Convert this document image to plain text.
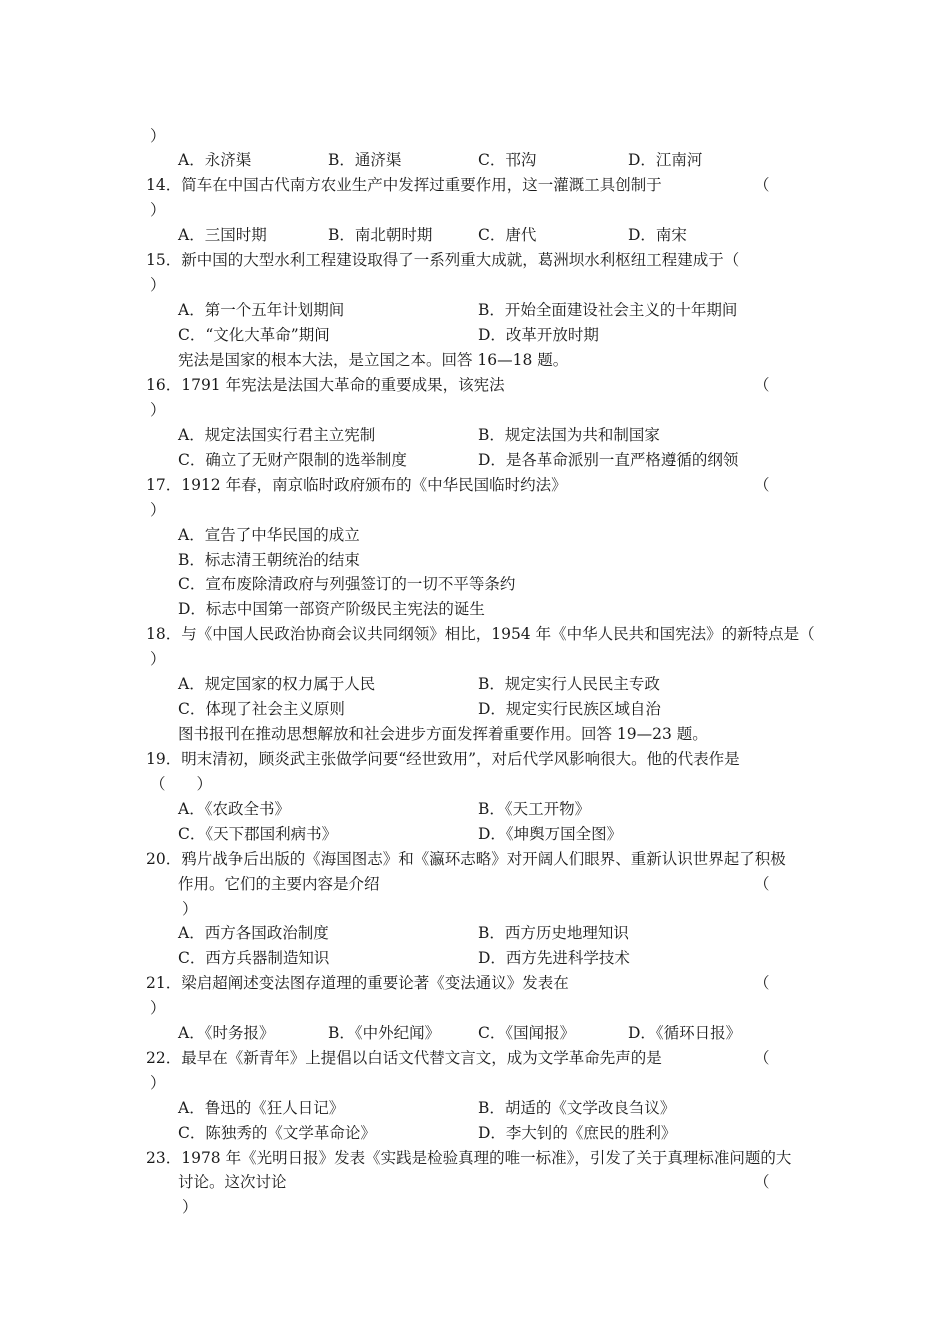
）
A．永济渠	B．通济渠	C．邗沟	D．江南河
14．简车在中国古代南方农业生产中发挥过重要作用，这一灌溉工具创制于	（
）
A．三国时期	B．南北朝时期	C．唐代	D．南宋
15．新中国的大型水利工程建设取得了一系列重大成就，葛洲坝水利枢纽工程建成于（
）
A．第一个五年计划期间	B．开始全面建设社会主义的十年期间
C．“文化大革命”期间	D．改革开放时期
宪法是国家的根本大法，是立国之本。回答 16—18 题。
16．1791 年宪法是法国大革命的重要成果，该宪法	（
）
A．规定法国实行君主立宪制	B．规定法国为共和制国家
C．确立了无财产限制的选举制度	D．是各革命派别一直严格遵循的纲领
17．1912 年春，南京临时政府颁布的《中华民国临时约法》	（
）
A．宣告了中华民国的成立
B．标志清王朝统治的结束
C．宣布废除清政府与列强签订的一切不平等条约
D．标志中国第一部资产阶级民主宪法的诞生
18．与《中国人民政治协商会议共同纲领》相比，1954 年《中华人民共和国宪法》的新特点是（
）
A．规定国家的权力属于人民	B．规定实行人民民主专政
C．体现了社会主义原则	D．规定实行民族区域自治
图书报刊在推动思想解放和社会进步方面发挥着重要作用。回答 19—23 题。
19．明末清初，顾炎武主张做学问要“经世致用”，对后代学风影响很大。他的代表作是
（　　）
A．《农政全书》	B．《天工开物》
C．《天下郡国利病书》	D．《坤舆万国全图》
20．鸦片战争后出版的《海国图志》和《瀛环志略》对开阔人们眼界、重新认识世界起了积极
作用。它们的主要内容是介绍	（
）
A．西方各国政治制度	B．西方历史地理知识
C．西方兵器制造知识	D．西方先进科学技术
21．梁启超阐述变法图存道理的重要论著《变法通议》发表在	（
）
A．《时务报》	B．《中外纪闻》 C．《国闻报》	D．《循环日报》
22．最早在《新青年》上提倡以白话文代替文言文，成为文学革命先声的是	（
）
A．鲁迅的《狂人日记》	B．胡适的《文学改良刍议》
C．陈独秀的《文学革命论》	D．李大钊的《庶民的胜利》
23．1978 年《光明日报》发表《实践是检验真理的唯一标准》，引发了关于真理标准问题的大
讨论。这次讨论	（
）
